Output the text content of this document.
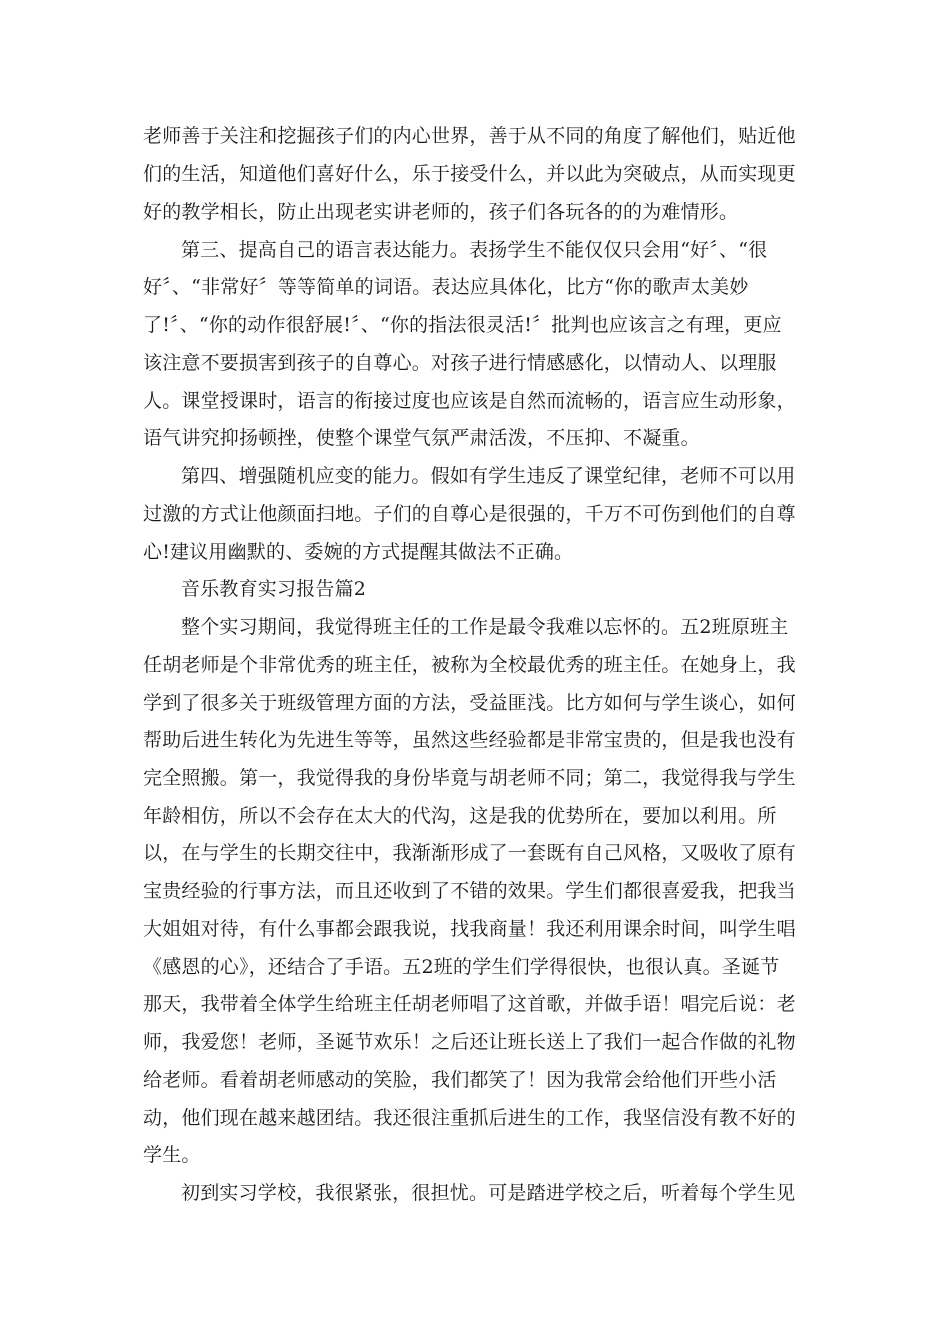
老师善于关注和挖掘孩子们的内心世界，善于从不同的角度了解他们，贴近他
们的生活，知道他们喜好什么，乐于接受什么，并以此为突破点，从而实现更
好的教学相长，防止出现老实讲老师的，孩子们各玩各的的为难情形。
第三、提高自己的语言表达能力。表扬学生不能仅仅只会用“好〞、“很
好〞、“非常好〞等等简单的词语。表达应具体化，比方“你的歌声太美妙
了!〞、“你的动作很舒展!〞、“你的指法很灵活!〞批判也应该言之有理，更应
该注意不要损害到孩子的自尊心。对孩子进行情感感化，以情动人、以理服
人。课堂授课时，语言的衔接过度也应该是自然而流畅的，语言应生动形象，
语气讲究抑扬顿挫，使整个课堂气氛严肃活泼，不压抑、不凝重。
第四、增强随机应变的能力。假如有学生违反了课堂纪律，老师不可以用
过激的方式让他颜面扫地。子们的自尊心是很强的，千万不可伤到他们的自尊
心!建议用幽默的、委婉的方式提醒其做法不正确。
音乐教育实习报告篇2
整个实习期间，我觉得班主任的工作是最令我难以忘怀的。五2班原班主
任胡老师是个非常优秀的班主任，被称为全校最优秀的班主任。在她身上，我
学到了很多关于班级管理方面的方法，受益匪浅。比方如何与学生谈心，如何
帮助后进生转化为先进生等等，虽然这些经验都是非常宝贵的，但是我也没有
完全照搬。第一，我觉得我的身份毕竟与胡老师不同；第二，我觉得我与学生
年龄相仿，所以不会存在太大的代沟，这是我的优势所在，要加以利用。所
以，在与学生的长期交往中，我渐渐形成了一套既有自己风格，又吸收了原有
宝贵经验的行事方法，而且还收到了不错的效果。学生们都很喜爱我，把我当
大姐姐对待，有什么事都会跟我说，找我商量！我还利用课余时间，叫学生唱
《感恩的心》，还结合了手语。五2班的学生们学得很快，也很认真。圣诞节
那天，我带着全体学生给班主任胡老师唱了这首歌，并做手语！唱完后说：老
师，我爱您！老师，圣诞节欢乐！之后还让班长送上了我们一起合作做的礼物
给老师。看着胡老师感动的笑脸，我们都笑了！因为我常会给他们开些小活
动，他们现在越来越团结。我还很注重抓后进生的工作，我坚信没有教不好的
学生。
初到实习学校，我很紧张，很担忧。可是踏进学校之后，听着每个学生见
